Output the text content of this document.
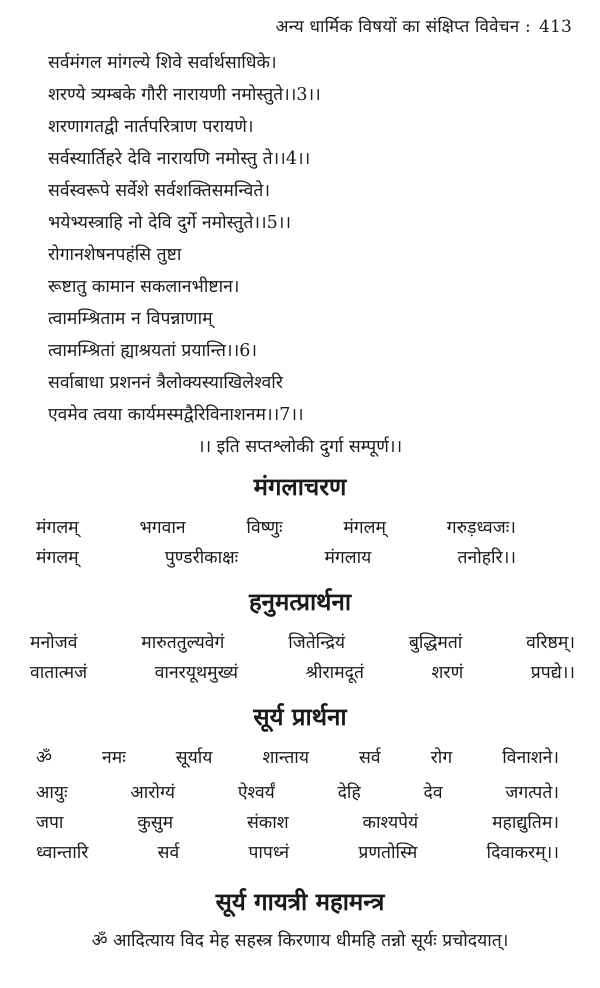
अन्य धार्मिक विषयों का संक्षिप्त विवेचन : 413
सर्वमंगल मांगल्ये शिवे सर्वार्थसाधिके।
शरण्ये त्र्यम्बके गौरी नारायणी नमोस्तुते।।3।।
शरणागतद्वी नार्तपरित्राण परायणे।
सर्वस्यार्तिहरे देवि नारायणि नमोस्तु ते।।4।।
सर्वस्वरूपे सर्वेशे सर्वशक्तिसमन्विते।
भयेभ्यस्त्राहि नो देवि दुर्गे नमोस्तुते।।5।।
रोगानशेषनपहंसि तुष्टा
रूष्टातु कामान सकलानभीष्टान।
त्वामम्श्रिताम न विपन्नाणाम्
त्वामम्श्रितां ह्याश्रयतां प्रयान्ति।।6।
सर्वाबाधा प्रशननं त्रैलोक्यस्याखिलेश्वरि
एवमेव त्वया कार्यमस्मद्वैरिविनाशनम।।7।।
।। इति सप्तश्लोकी दुर्गा सम्पूर्ण।।
मंगलाचरण
मंगलम्	भगवान	विष्णुः	मंगलम्	गरुड़ध्वजः।
मंगलम्	पुण्डरीकाक्षः	मंगलाय	तनोहरि।।
हनुमत्प्रार्थना
मनोजवं	मारुततुल्यवेगं	जितेन्द्रियं	बुद्धिमतां	वरिष्ठम्।
वातात्मजं	वानरयूथमुख्यं	श्रीरामदूतं	शरणं	प्रपद्ये।।
सूर्य प्रार्थना
ॐ	नमः	सूर्याय	शान्ताय	सर्व	रोग	विनाशने।
आयुः	आरोग्यं	ऐश्वर्यं	देहि	देव	जगत्पते।
जपा	कुसुम	संकाश	काश्यपेयं	महाद्युतिम।
ध्वान्तारि	सर्व	पापध्नं	प्रणतोस्मि	दिवाकरम्।।
सूर्य गायत्री महामन्त्र
ॐ आदित्याय विद मेह सहस्त्र किरणाय धीमहि तन्नो सूर्यः प्रचोदयात्।
